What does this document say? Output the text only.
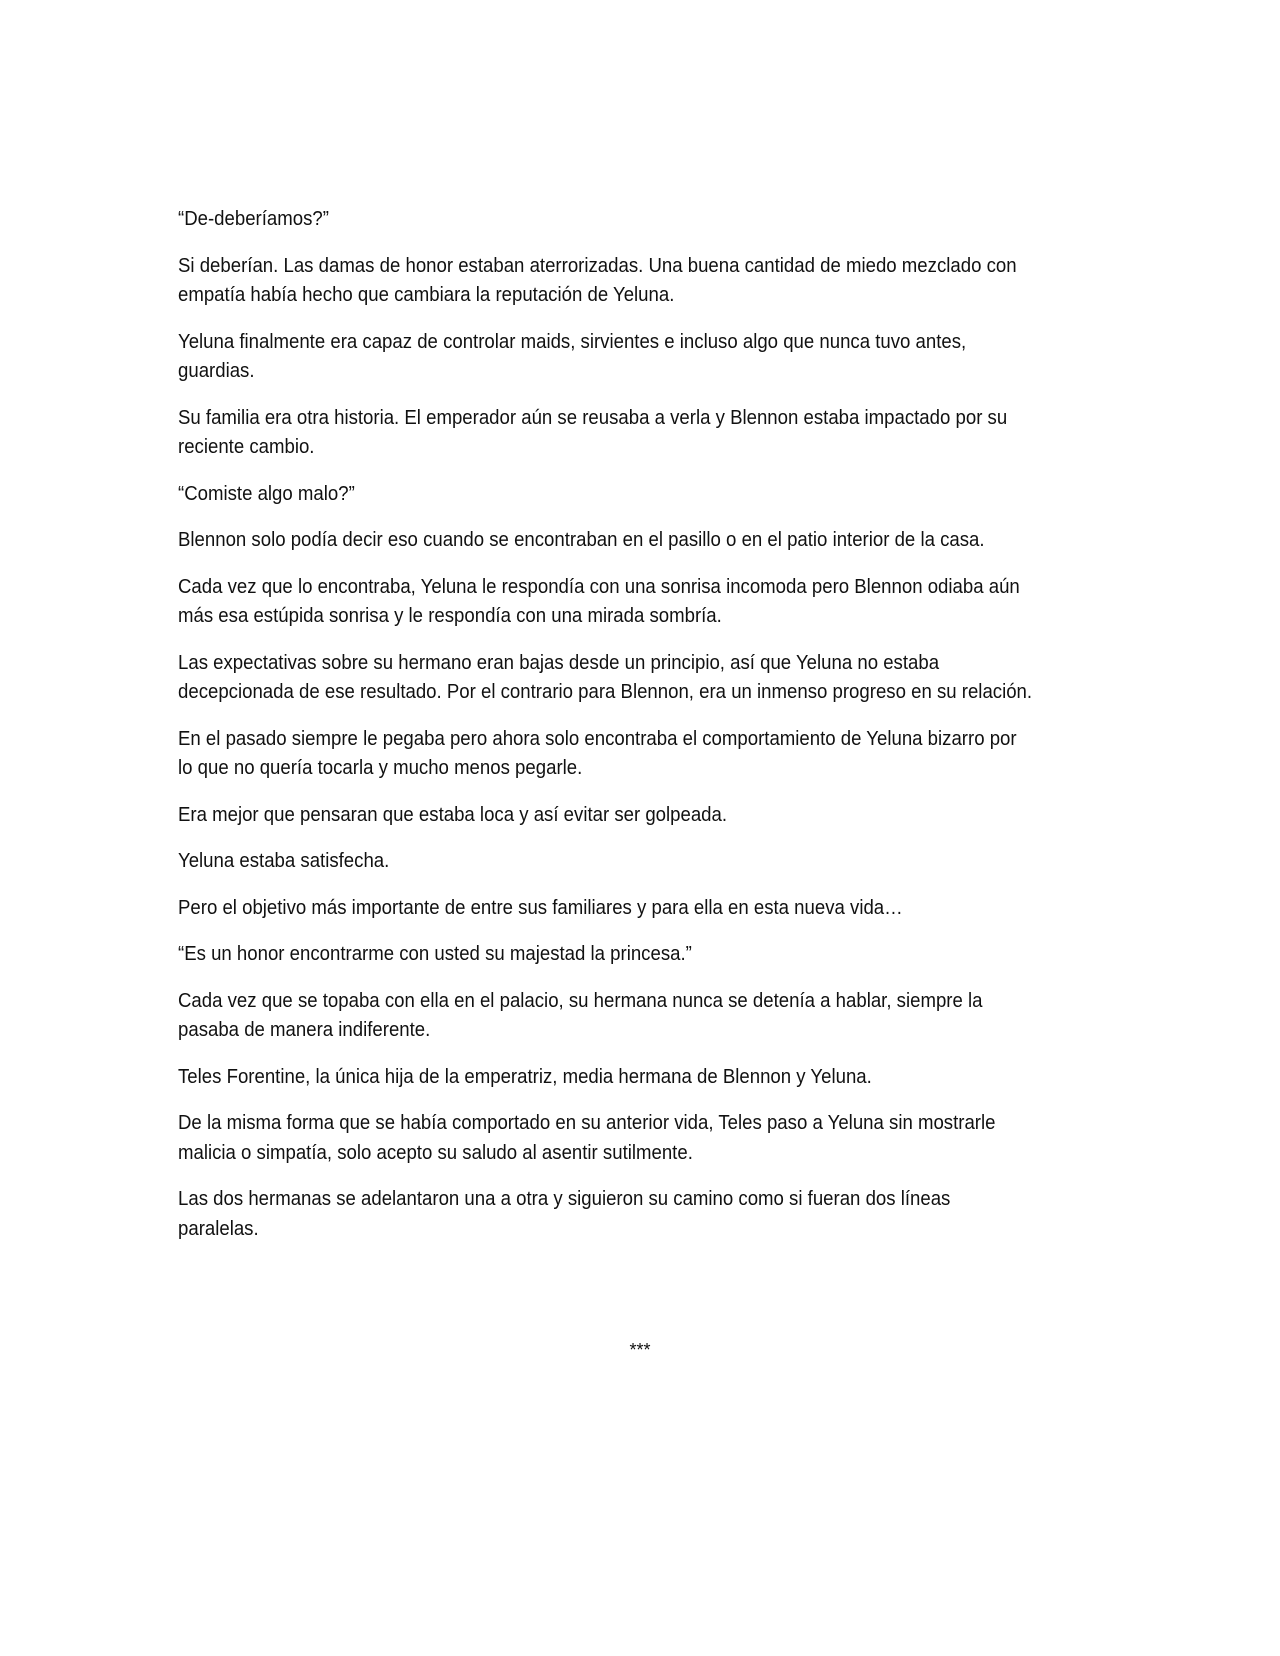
“De-deberíamos?”

Si deberían. Las damas de honor estaban aterrorizadas. Una buena cantidad de miedo mezclado con empatía había hecho que cambiara la reputación de Yeluna.

Yeluna finalmente era capaz de controlar maids, sirvientes e incluso algo que nunca tuvo antes, guardias.

Su familia era otra historia. El emperador aún se reusaba a verla y Blennon estaba impactado por su reciente cambio.

“Comiste algo malo?”

Blennon solo podía decir eso cuando se encontraban en el pasillo o en el patio interior de la casa.

Cada vez que lo encontraba, Yeluna le respondía con una sonrisa incomoda pero Blennon odiaba aún más esa estúpida sonrisa y le respondía con una mirada sombría.

Las expectativas sobre su hermano eran bajas desde un principio, así que Yeluna no estaba decepcionada de ese resultado. Por el contrario para Blennon, era un inmenso progreso en su relación.

En el pasado siempre le pegaba pero ahora solo encontraba el comportamiento de Yeluna bizarro por lo que no quería tocarla y mucho menos pegarle.

Era mejor que pensaran que estaba loca y así evitar ser golpeada.

Yeluna estaba satisfecha.

Pero el objetivo más importante de entre sus familiares y para ella en esta nueva vida…

“Es un honor encontrarme con usted su majestad la princesa.”

Cada vez que se topaba con ella en el palacio, su hermana nunca se detenía a hablar, siempre la pasaba de manera indiferente.

Teles Forentine, la única hija de la emperatriz, media hermana de Blennon y Yeluna.

De la misma forma que se había comportado en su anterior vida, Teles paso a Yeluna sin mostrarle malicia o simpatía, solo acepto su saludo al asentir sutilmente.

Las dos hermanas se adelantaron una a otra y siguieron su camino como si fueran dos líneas paralelas.

***
